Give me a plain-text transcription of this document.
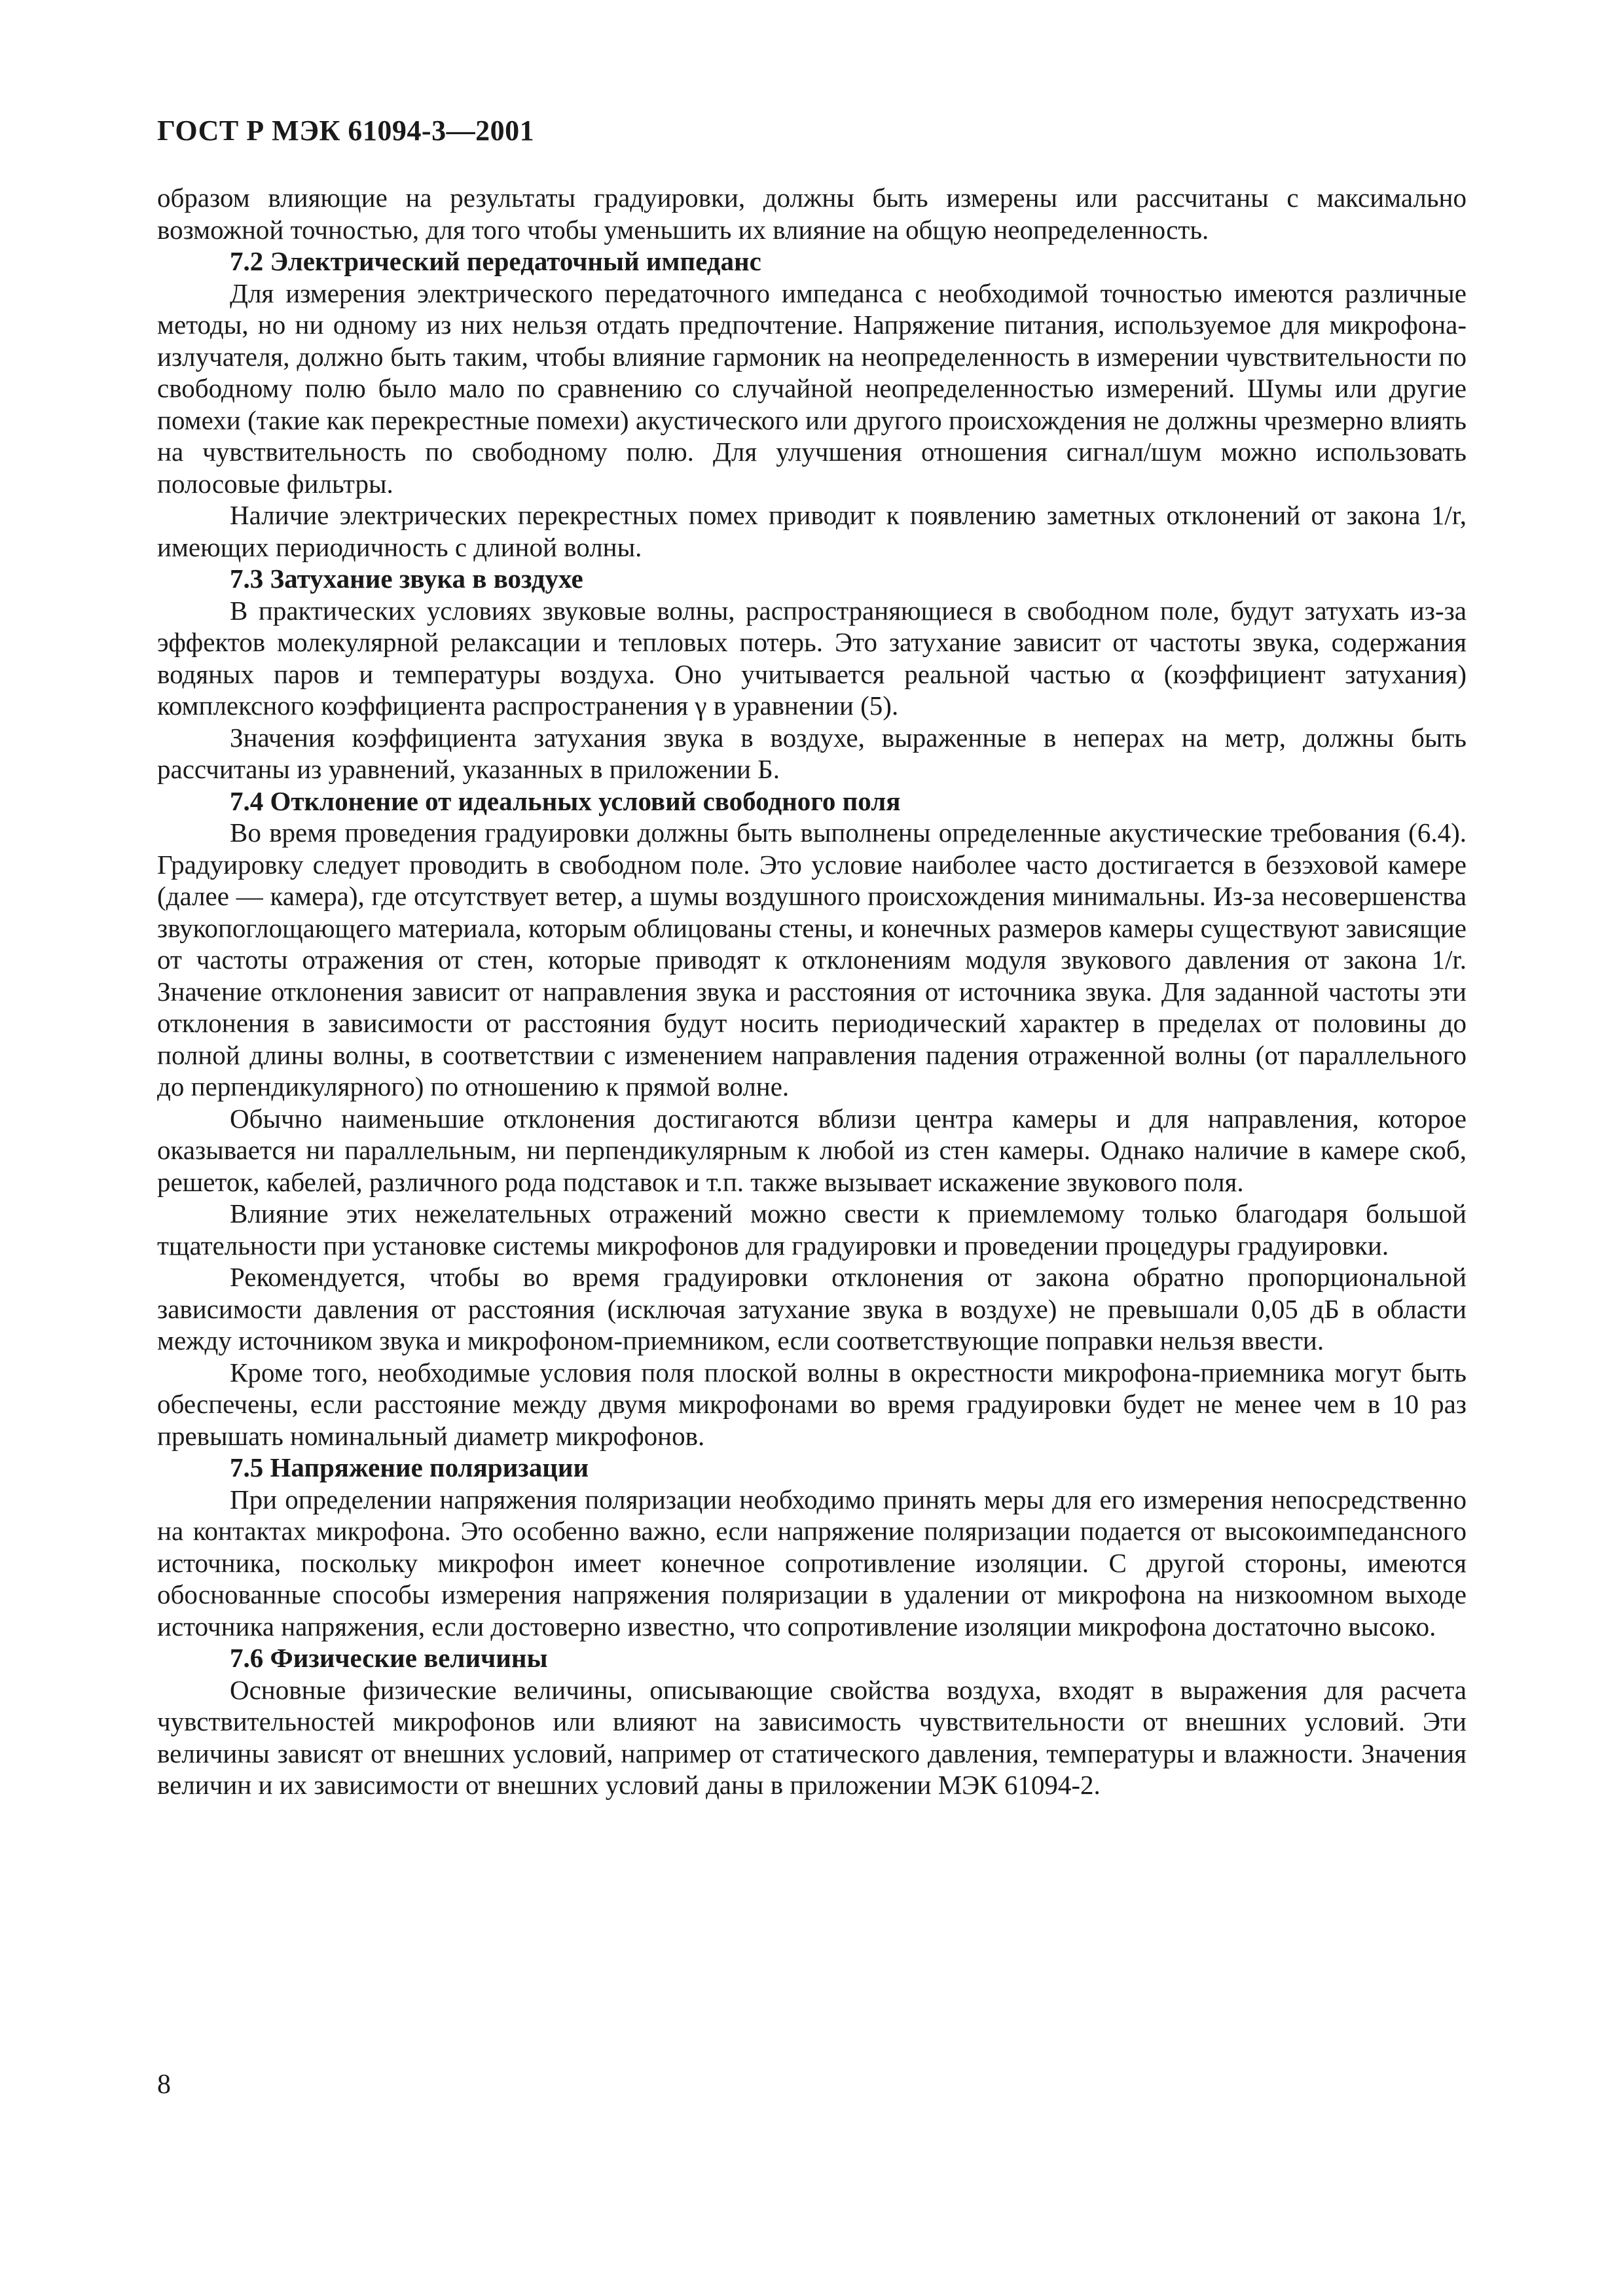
ГОСТ Р МЭК 61094-3—2001

образом влияющие на результаты градуировки, должны быть измерены или рассчитаны с максимально возможной точностью, для того чтобы уменьшить их влияние на общую неопределенность.

7.2 Электрический передаточный импеданс

Для измерения электрического передаточного импеданса с необходимой точностью имеются различные методы, но ни одному из них нельзя отдать предпочтение. Напряжение питания, используемое для микрофона-излучателя, должно быть таким, чтобы влияние гармоник на неопределенность в измерении чувствительности по свободному полю было мало по сравнению со случайной неопределенностью измерений. Шумы или другие помехи (такие как перекрестные помехи) акустического или другого происхождения не должны чрезмерно влиять на чувствительность по свободному полю. Для улучшения отношения сигнал/шум можно использовать полосовые фильтры.

Наличие электрических перекрестных помех приводит к появлению заметных отклонений от закона 1/r, имеющих периодичность с длиной волны.

7.3 Затухание звука в воздухе

В практических условиях звуковые волны, распространяющиеся в свободном поле, будут затухать из-за эффектов молекулярной релаксации и тепловых потерь. Это затухание зависит от частоты звука, содержания водяных паров и температуры воздуха. Оно учитывается реальной частью α (коэффициент затухания) комплексного коэффициента распространения γ в уравнении (5).

Значения коэффициента затухания звука в воздухе, выраженные в неперах на метр, должны быть рассчитаны из уравнений, указанных в приложении Б.

7.4 Отклонение от идеальных условий свободного поля

Во время проведения градуировки должны быть выполнены определенные акустические требования (6.4). Градуировку следует проводить в свободном поле. Это условие наиболее часто достигается в безэховой камере (далее — камера), где отсутствует ветер, а шумы воздушного происхождения минимальны. Из-за несовершенства звукопоглощающего материала, которым облицованы стены, и конечных размеров камеры существуют зависящие от частоты отражения от стен, которые приводят к отклонениям модуля звукового давления от закона 1/r. Значение отклонения зависит от направления звука и расстояния от источника звука. Для заданной частоты эти отклонения в зависимости от расстояния будут носить периодический характер в пределах от половины до полной длины волны, в соответствии с изменением направления падения отраженной волны (от параллельного до перпендикулярного) по отношению к прямой волне.

Обычно наименьшие отклонения достигаются вблизи центра камеры и для направления, которое оказывается ни параллельным, ни перпендикулярным к любой из стен камеры. Однако наличие в камере скоб, решеток, кабелей, различного рода подставок и т.п. также вызывает искажение звукового поля.

Влияние этих нежелательных отражений можно свести к приемлемому только благодаря большой тщательности при установке системы микрофонов для градуировки и проведении процедуры градуировки.

Рекомендуется, чтобы во время градуировки отклонения от закона обратно пропорциональной зависимости давления от расстояния (исключая затухание звука в воздухе) не превышали 0,05 дБ в области между источником звука и микрофоном-приемником, если соответствующие поправки нельзя ввести.

Кроме того, необходимые условия поля плоской волны в окрестности микрофона-приемника могут быть обеспечены, если расстояние между двумя микрофонами во время градуировки будет не менее чем в 10 раз превышать номинальный диаметр микрофонов.

7.5 Напряжение поляризации

При определении напряжения поляризации необходимо принять меры для его измерения непосредственно на контактах микрофона. Это особенно важно, если напряжение поляризации подается от высокоимпедансного источника, поскольку микрофон имеет конечное сопротивление изоляции. С другой стороны, имеются обоснованные способы измерения напряжения поляризации в удалении от микрофона на низкоомном выходе источника напряжения, если достоверно известно, что сопротивление изоляции микрофона достаточно высоко.

7.6 Физические величины

Основные физические величины, описывающие свойства воздуха, входят в выражения для расчета чувствительностей микрофонов или влияют на зависимость чувствительности от внешних условий. Эти величины зависят от внешних условий, например от статического давления, температуры и влажности. Значения величин и их зависимости от внешних условий даны в приложении МЭК 61094-2.

8
